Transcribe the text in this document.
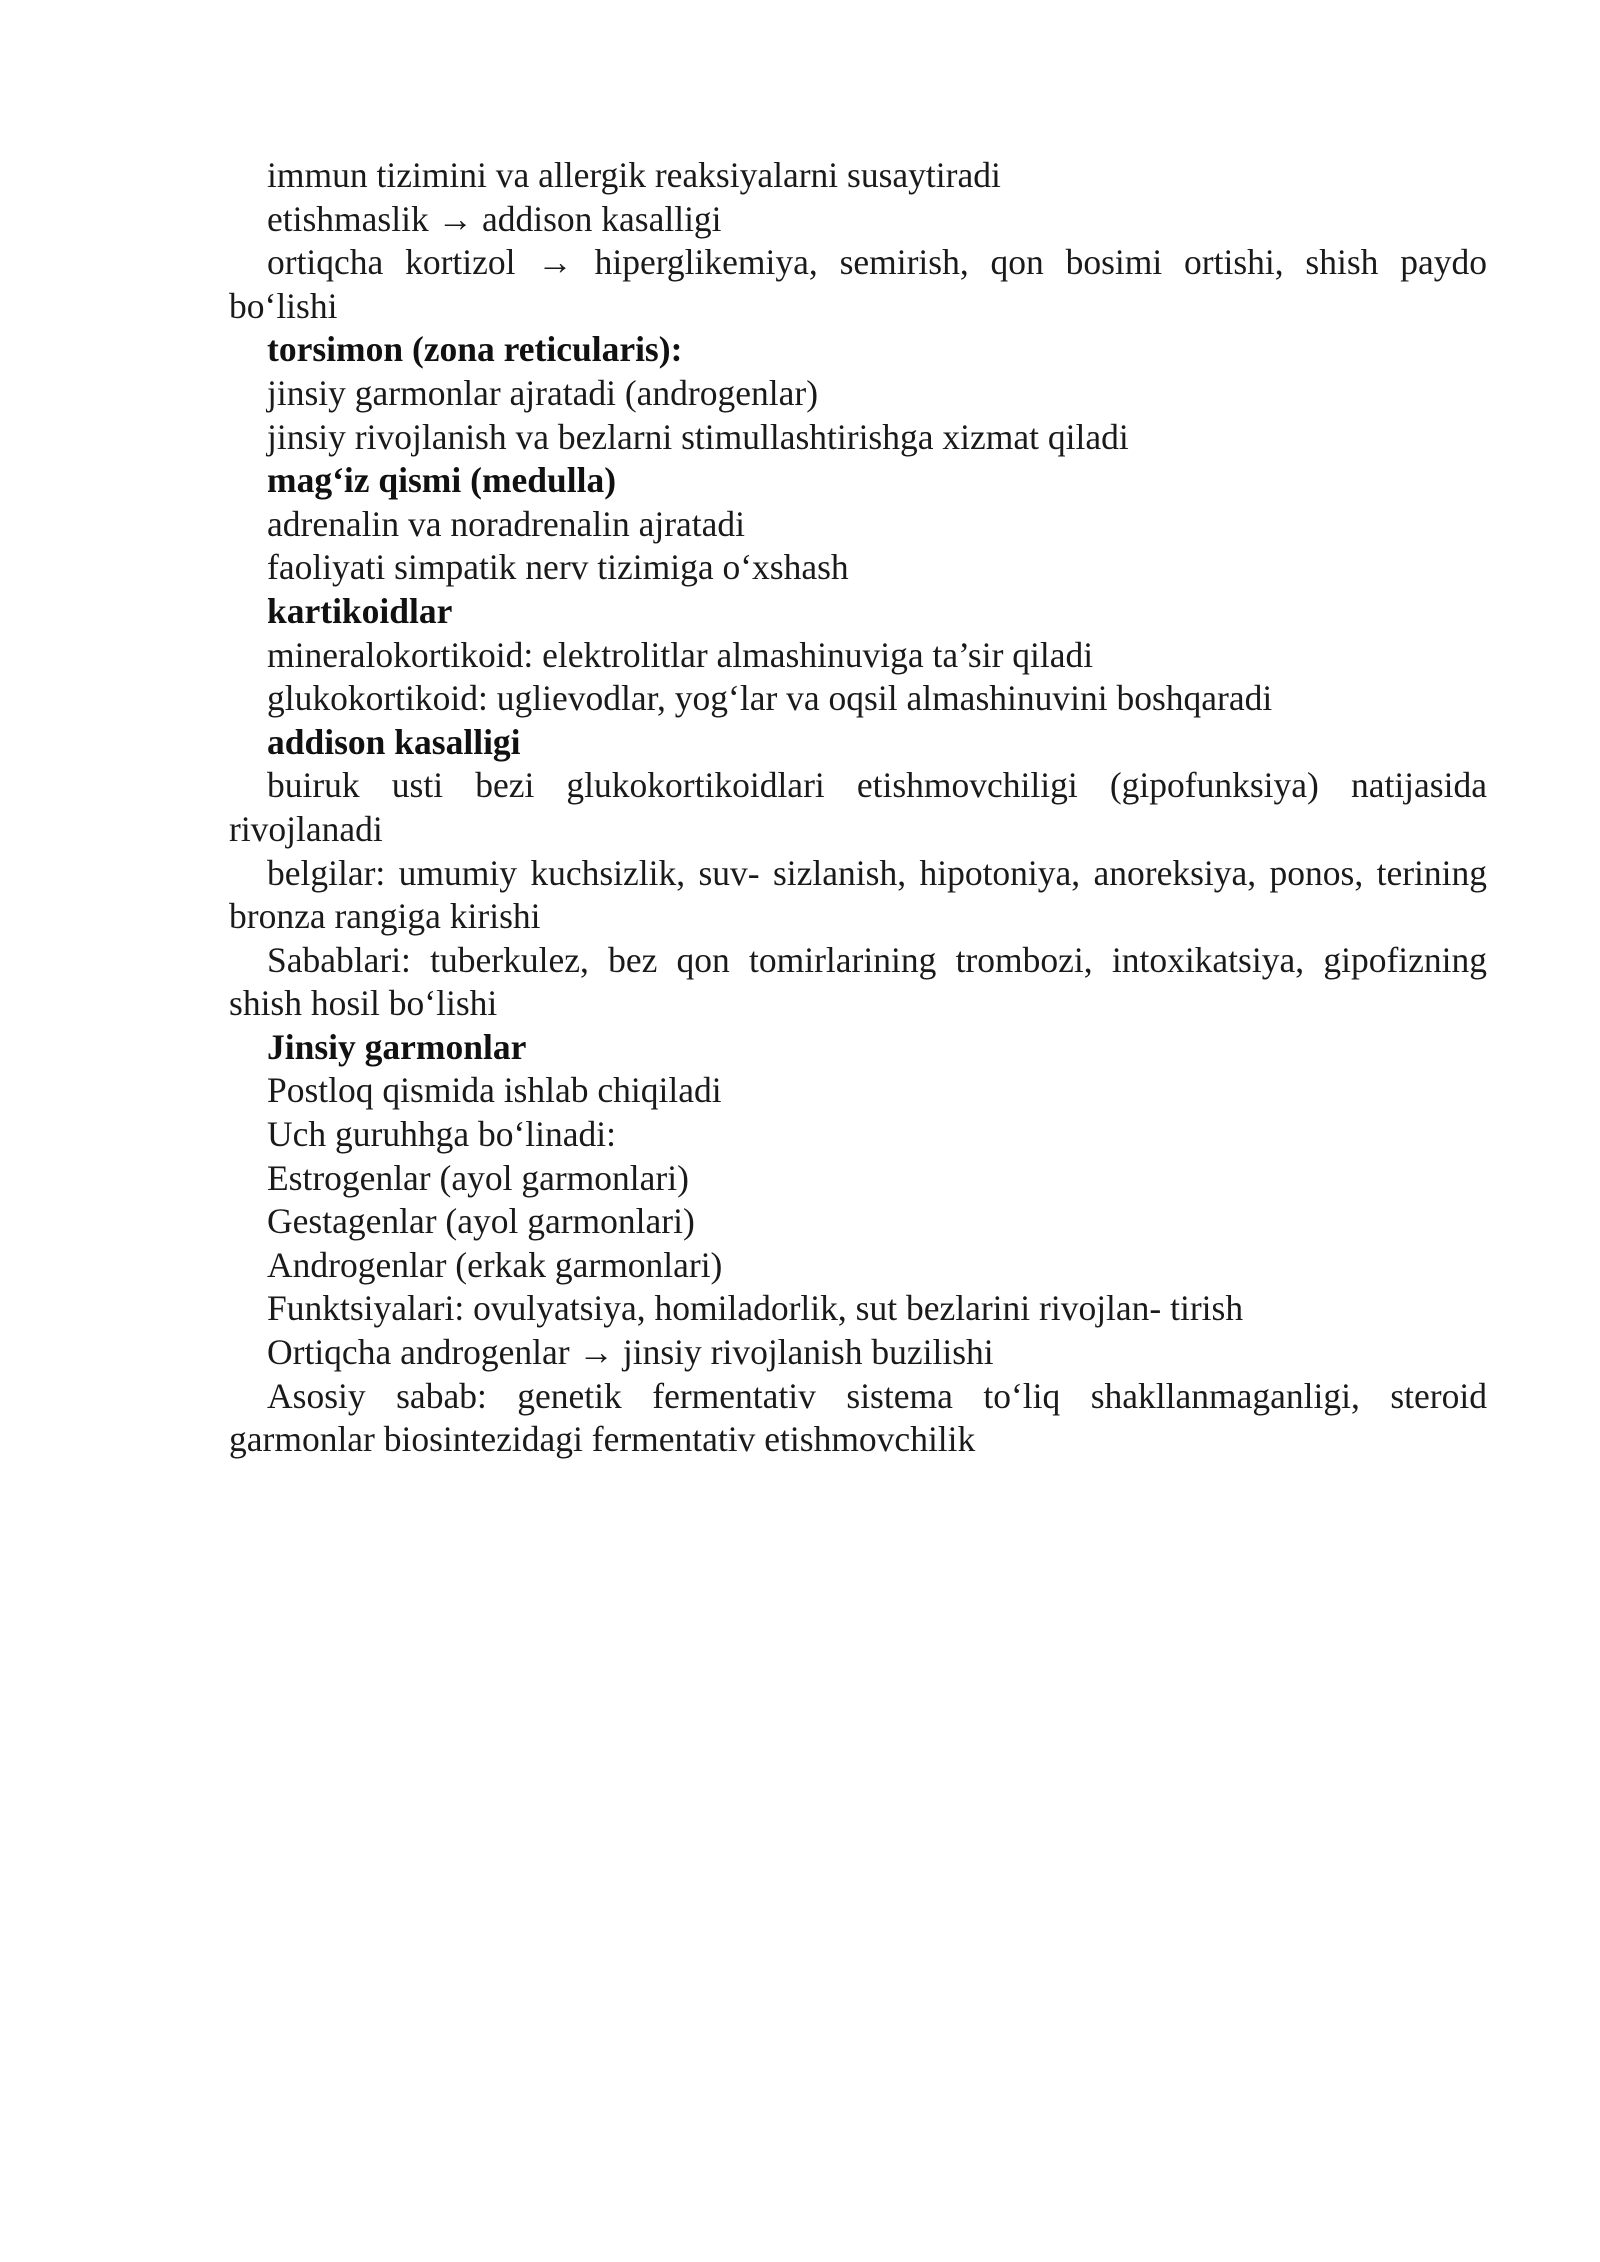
immun tizimini va allergik reaksiyalarni susaytiradi

etishmaslik → addison kasalligi

ortiqcha kortizol → hiperglikemiya, semirish, qon bosimi ortishi, shish paydo bo‘lishi

torsimon (zona reticularis):

jinsiy garmonlar ajratadi (androgenlar)

jinsiy rivojlanish va bezlarni stimullashtirishga xizmat qiladi

mag‘iz qismi (medulla)

adrenalin va noradrenalin ajratadi

faoliyati simpatik nerv tizimiga o‘xshash

kartikoidlar

mineralokortikoid: elektrolitlar almashinuviga ta’sir qiladi

glukokortikoid: uglievodlar, yog‘lar va oqsil almashinuvini boshqaradi

addison kasalligi

buiruk usti bezi glukokortikoidlari etishmovchiligi (gipofunksiya) natijasida rivojlanadi

belgilar: umumiy kuchsizlik, suv- sizlanish, hipotoniya, anoreksiya, ponos, terining bronza rangiga kirishi

Sabablari: tuberkulez, bez qon tomirlarining trombozi, intoxikatsiya, gipofizning shish hosil bo‘lishi

Jinsiy garmonlar

Postloq qismida ishlab chiqiladi

Uch guruhhga bo‘linadi:

Estrogenlar (ayol garmonlari)

Gestagenlar (ayol garmonlari)

Androgenlar (erkak garmonlari)

Funktsiyalari: ovulyatsiya, homiladorlik, sut bezlarini rivojlan- tirish

Ortiqcha androgenlar → jinsiy rivojlanish buzilishi

Asosiy sabab: genetik fermentativ sistema to‘liq shakllanmaganligi, steroid garmonlar biosintezidagi fermentativ etishmovchilik
